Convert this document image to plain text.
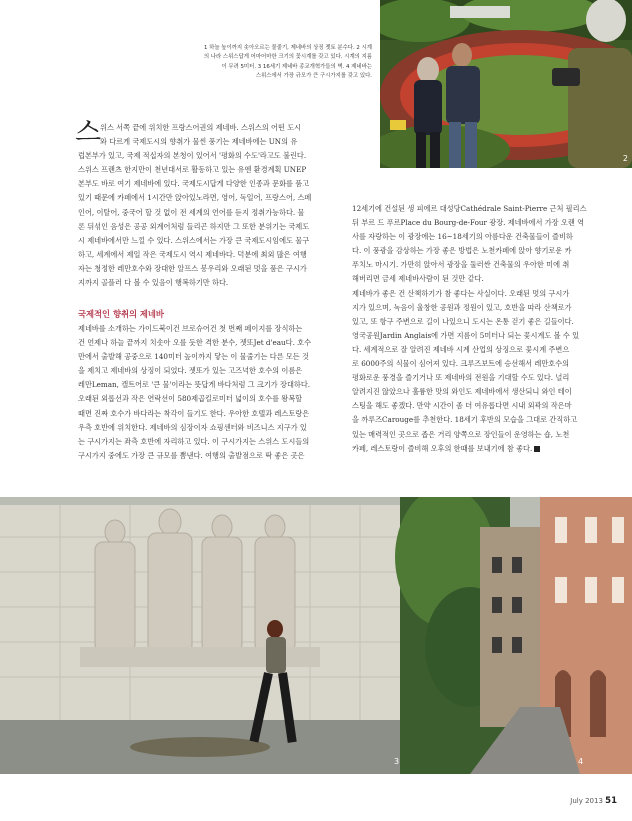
2
1 하늘 높이까지 솟아오르는 물줄기, 제네바의 상징 젯토 분수다. 2 시계
의 나라 스위스답게 어마어마한 크기의 꽃시계를 갖고 있다. 시계의 지름
이 무려 5미터. 3 16세기 제네바 종교개혁가들의 벽. 4 제네바는
스위스에서 가장 규모가 큰 구시가지를 갖고 있다.
스
위스 서쪽 끝에 위치한 프랑스어권의 제네바. 스위스의 어떤 도시
와 다르게 국제도시의 향취가 물씬 풍기는 제네바에는 UN의 유
럽본부가 있고, 국제 적십자의 본청이 있어서 '평화의 수도'라고도 불린다.
스위스 프랜츠 한지만이 천년대서로 활동하고 있는 유엔 환경계획 UNEP
본부도 바로 여기 제네바에 있다. 국제도시답게 다양한 인종과 문화를 품고
있기 때문에 카페에서 1시간만 앉아있노라면, 영어, 독일어, 프랑스어, 스페
인어, 이탈어, 중국어 할 것 없이 전 세계의 언어를 듣지 정취가능하다. 물
론 뒤섞인 음성은 공공 외계어처럼 들리곤 하지만 그 또한 분위기는 국제도
시 제네바에서만 느낄 수 있다. 스위스에서는 가장 큰 국제도시임에도 물구
하고, 세계에서 제일 작은 국제도시 역시 제네바다. 덕분에 최외 많은 여행
자는 청정한 레만호수와 장대한 알프스 봉우리와 오래된 멋을 품은 구시가
지까지 골플러 다 볼 수 있음이 행복하기만 하다.
국제적인 향취의 제네바
제네바를 소개하는 가이드북이건 브로슈어건 첫 번째 페이지를 장식하는
건 언제나 하늘 끝까지 치솟아 오를 듯한 격한 분수, 젯또Jet d'eau다. 호수
만에서 출발해 공중으로 140미터 높이까지 닿는 이 물줄기는 다른 모든 것
을 제치고 제네바의 상징이 되었다. 젯또가 있는 고즈넉한 호수의 이름은
레만Leman, 캘트어로 '큰 물'이라는 뜻답게 바다처럼 그 크기가 장대하다.
오래된 외롭선과 작은 연락선이 580제곱킬로미터 넓이의 호수를 왕복할
때면 진짜 호수가 바다라는 착각이 들기도 한다. 우아한 호텔과 레스토랑은
우측 호반에 위치한다. 제네바의 심장이자 쇼핑센터와 비즈니스 지구가 있
는 구시가지는 좌측 호반에 자리하고 있다. 이 구시가지는 스위스 도시들의
구시가지 중에도 가장 큰 규모를 뽐낸다. 여행의 출발점으로 딱 좋은 곳은
12세기에 건설된 생 피에르 대성당Cathédrale Saint-Pierre 근처 필리스
뒤 부르 드 푸르Place du Bourg-de-Four 광장. 제네바에서 가장 오랜 역
사를 자랑하는 이 광장에는 16~18세기의 아름다운 건축물들이 즐비하
다. 이 풍광을 감상하는 가장 좋은 방법은 노천카페에 앉아 향기로운 카
푸치노 마시기. 가만히 앉아서 광장을 둘러싼 건축물의 우아한 미에 취
해버리면 금세 제네바사람이 된 것만 같다.
제네바가 좋은 건 산책하기가 참 좋다는 사실이다. 오래된 멋의 구시가
지가 있으며, 녹음이 울창한 공원과 정원이 있고, 호반을 따라 산책로가
있고, 또 항구 주변으로 길이 나있으니 도시는 온통 걷기 좋은 길들이다.
영국공원Jardin Anglais에 가면 지름이 5미터나 되는 꽃시계도 볼 수 있
다. 세계적으로 잘 알려진 제네바 시계 산업의 상징으로 꽃시계 주변으
로 6000주의 식물이 심어져 있다. 크루즈보트에 승선해서 레만호수의
평화로운 풍경을 즐기거나 또 제네바의 전원을 기대할 수도 있다. 널리
알려지진 않았으나 훌륭한 맛의 와인도 제네바에서 생산되니 와인 테이
스팅을 해도 좋겠다. 만약 시간이 좀 더 여유롭다면 시내 외곽의 작은마
을 까루즈Carouge를 추천한다. 18세기 후반의 모습을 그대로 간직하고
있는 매력적인 곳으로 좁은 거리 양쪽으로 장인들이 운영하는 숍, 노천
카페, 레스토랑이 즐비해 오후의 한때를 보내기에 참 좋다.
3	4
July 2013 51
